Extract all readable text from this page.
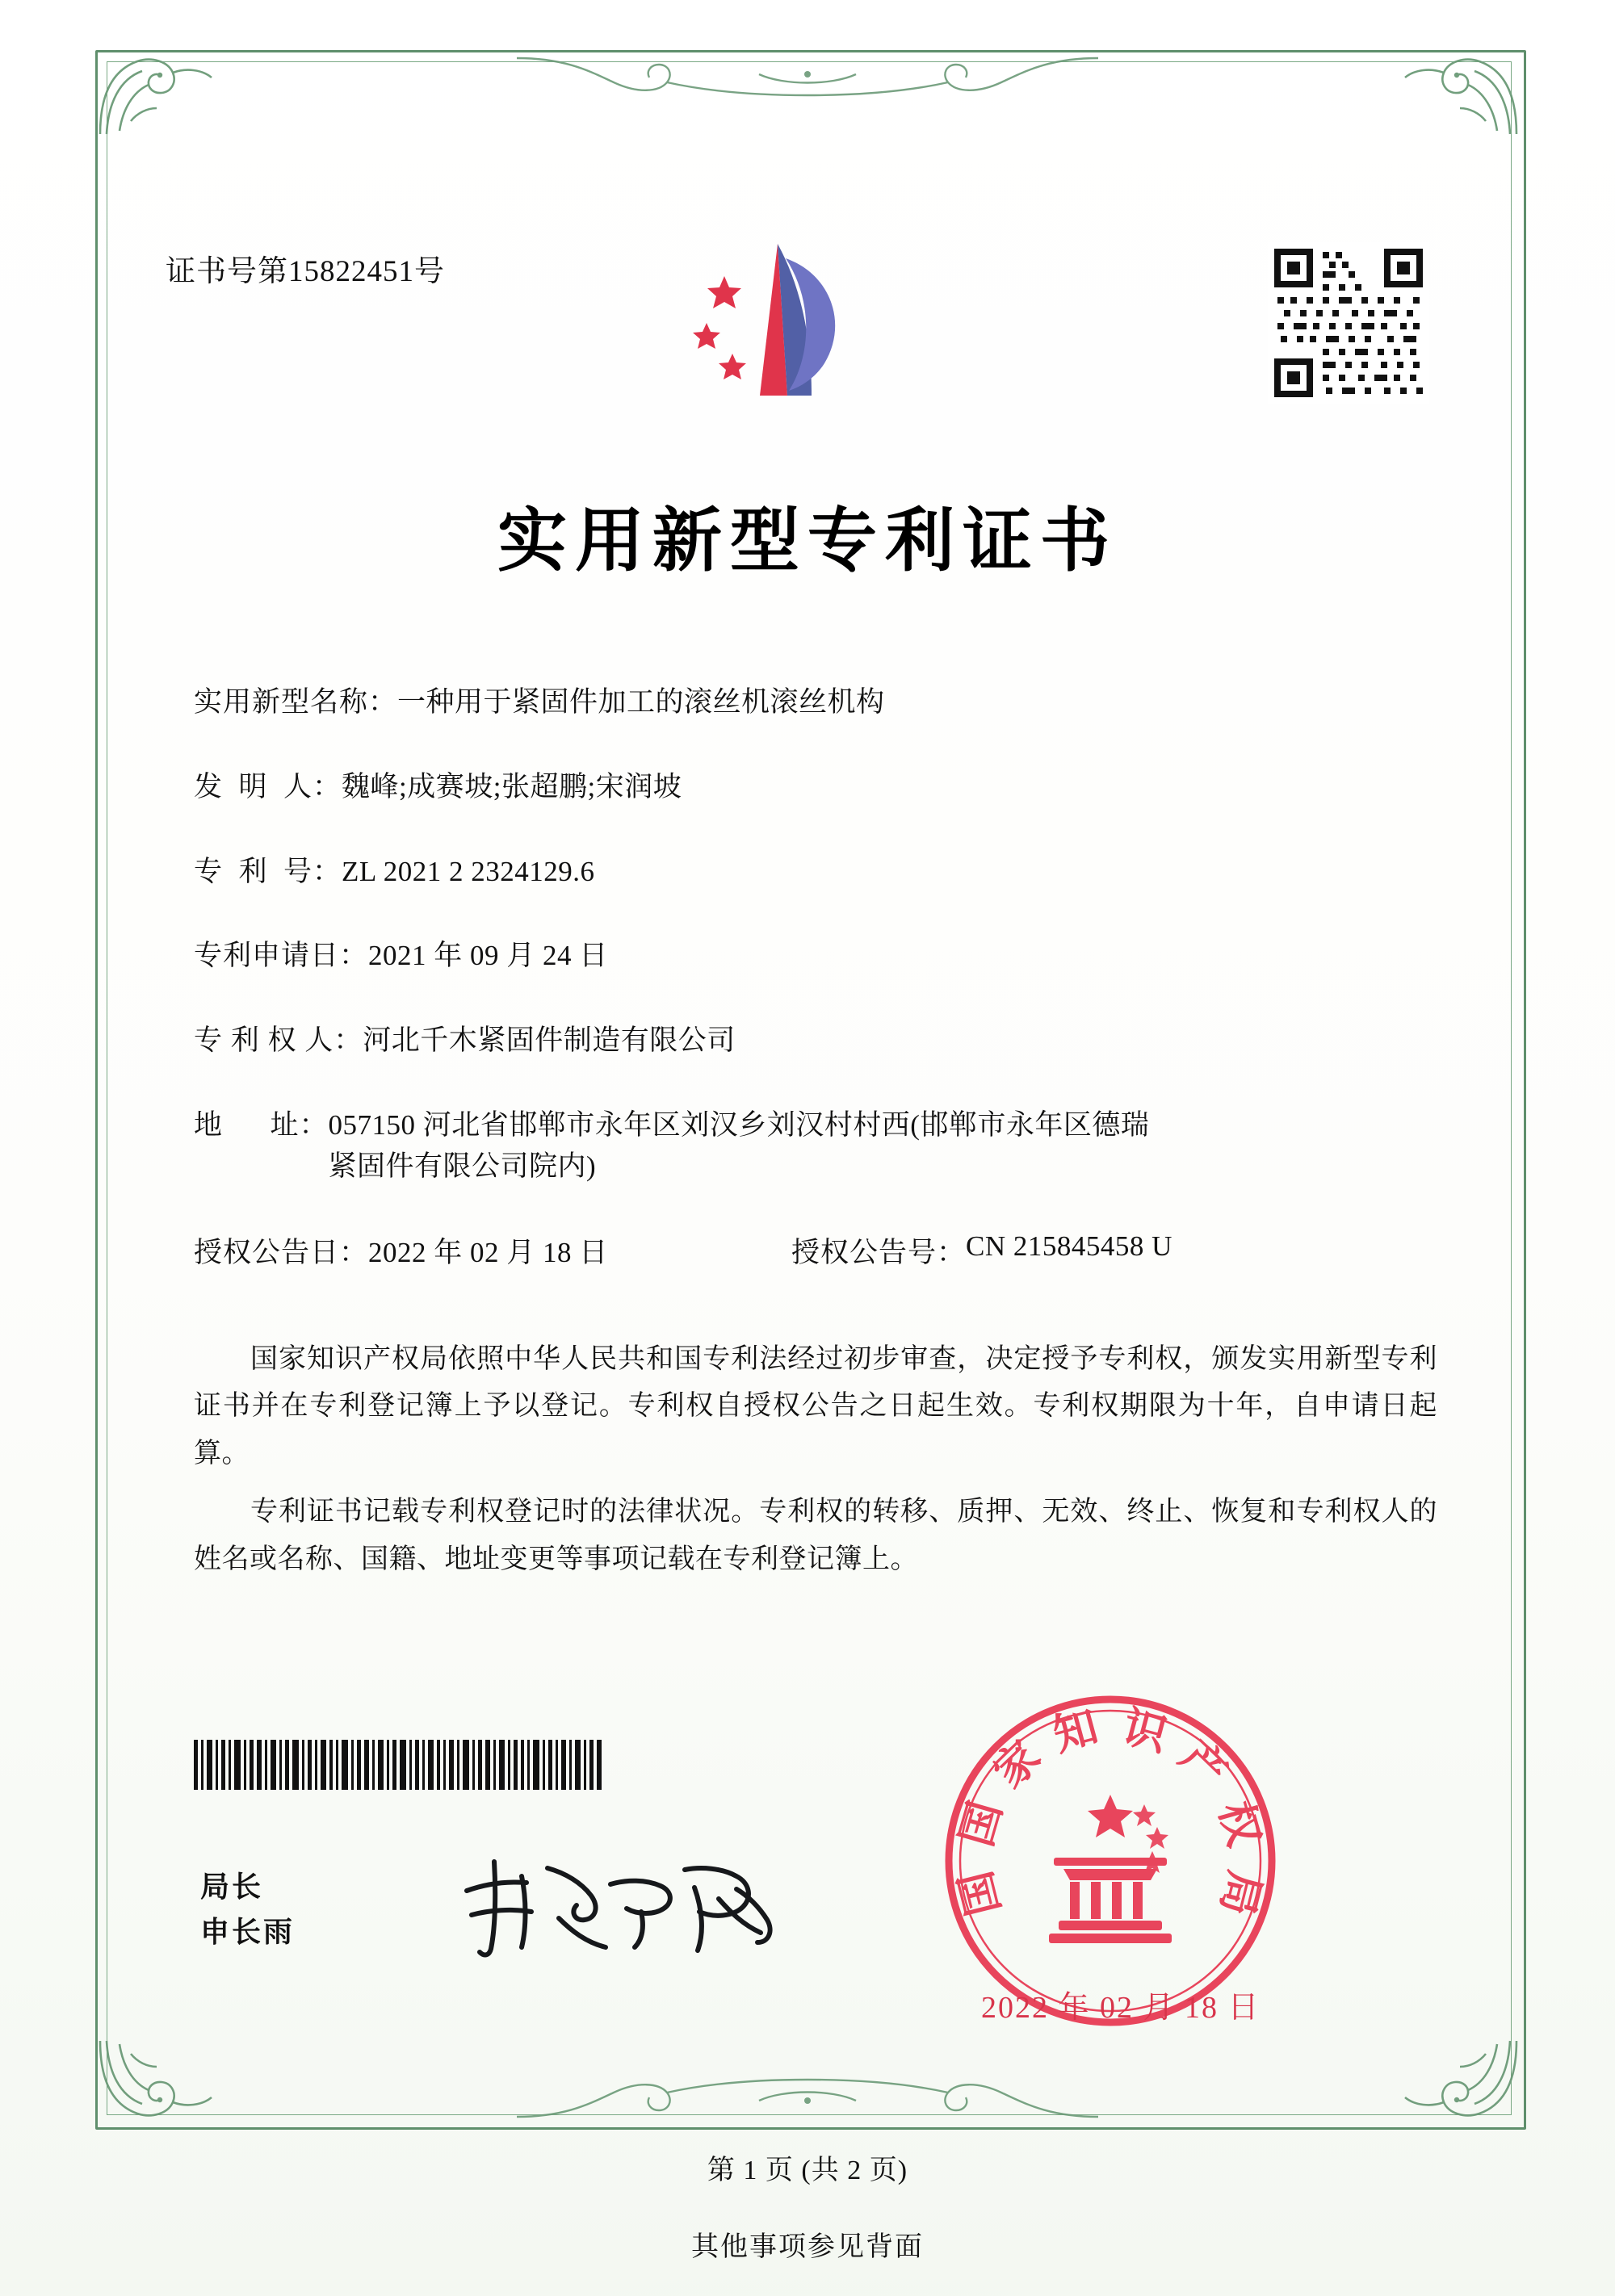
证书号第15822451号
实用新型专利证书
实用新型名称： 一种用于紧固件加工的滚丝机滚丝机构
发  明  人： 魏峰;成赛坡;张超鹏;宋润坡
专  利  号： ZL 2021 2 2324129.6
专利申请日： 2021 年 09 月 24 日
专 利 权 人： 河北千木紧固件制造有限公司
地      址： 057150 河北省邯郸市永年区刘汉乡刘汉村村西(邯郸市永年区德瑞紧固件有限公司院内)
授权公告日： 2022 年 02 月 18 日	授权公告号： CN 215845458 U

国家知识产权局依照中华人民共和国专利法经过初步审查，决定授予专利权，颁发实用新型专利证书并在专利登记簿上予以登记。专利权自授权公告之日起生效。专利权期限为十年，自申请日起算。

专利证书记载专利权登记时的法律状况。专利权的转移、质押、无效、终止、恢复和专利权人的姓名或名称、国籍、地址变更等事项记载在专利登记簿上。

局长
申长雨
国
家
知 识
产
权
局
国
2022 年 02 月 18 日
第 1 页 (共 2 页)
其他事项参见背面
